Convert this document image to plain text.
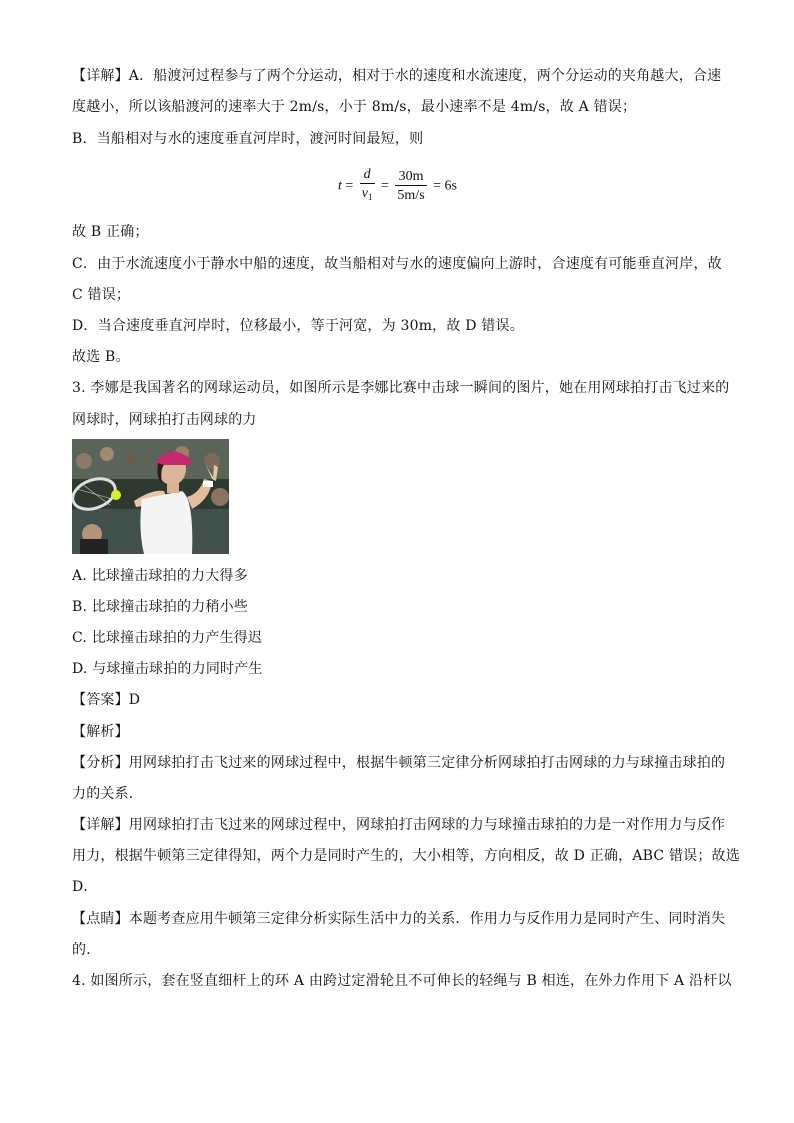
【详解】A．船渡河过程参与了两个分运动，相对于水的速度和水流速度，两个分运动的夹角越大，合速
度越小，所以该船渡河的速率大于 2m/s，小于 8m/s，最小速率不是 4m/s，故 A 错误；
B．当船相对与水的速度垂直河岸时，渡河时间最短，则
$t = \frac{d}{v_1} = \frac{30m}{5m/s} = 6s$
故 B 正确；
C．由于水流速度小于静水中船的速度，故当船相对与水的速度偏向上游时，合速度有可能垂直河岸，故
C 错误；
D．当合速度垂直河岸时，位移最小，等于河宽，为 30m，故 D 错误。
故选 B。
3. 李娜是我国著名的网球运动员，如图所示是李娜比赛中击球一瞬间的图片，她在用网球拍打击飞过来的
网球时，网球拍打击网球的力
A. 比球撞击球拍的力大得多
B. 比球撞击球拍的力稍小些
C. 比球撞击球拍的力产生得迟
D. 与球撞击球拍的力同时产生
【答案】D
【解析】
【分析】用网球拍打击飞过来的网球过程中，根据牛顿第三定律分析网球拍打击网球的力与球撞击球拍的
力的关系．
【详解】用网球拍打击飞过来的网球过程中，网球拍打击网球的力与球撞击球拍的力是一对作用力与反作
用力，根据牛顿第三定律得知，两个力是同时产生的，大小相等，方向相反，故 D 正确，ABC 错误；故选
D．
【点睛】本题考查应用牛顿第三定律分析实际生活中力的关系．作用力与反作用力是同时产生、同时消失
的．
4. 如图所示，套在竖直细杆上的环 A 由跨过定滑轮且不可伸长的轻绳与 B 相连，在外力作用下 A 沿杆以
